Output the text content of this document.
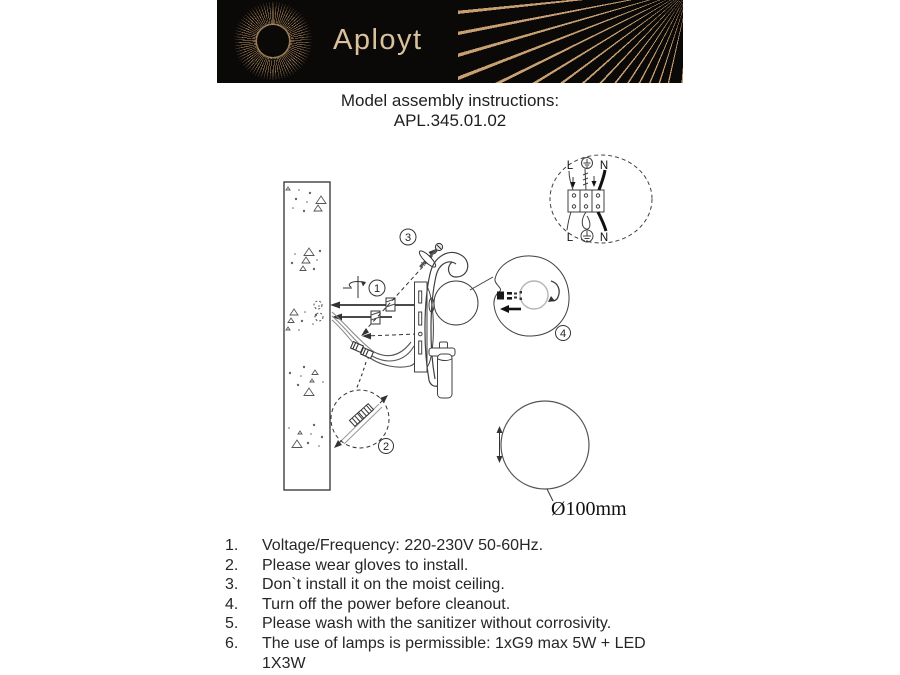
Aployt
Model assembly instructions:
APL.345.01.02
L N
L N
1
3
2
4
Ø100mm
1.	Voltage/Frequency: 220-230V 50-60Hz.
2.	Please wear gloves to install.
3.	Don`t install it on the moist ceiling.
4.	Turn off the power before cleanout.
5.	Please wash with the sanitizer without corrosivity.
6.	The use of lamps is permissible: 1xG9 max 5W + LED 1X3W
